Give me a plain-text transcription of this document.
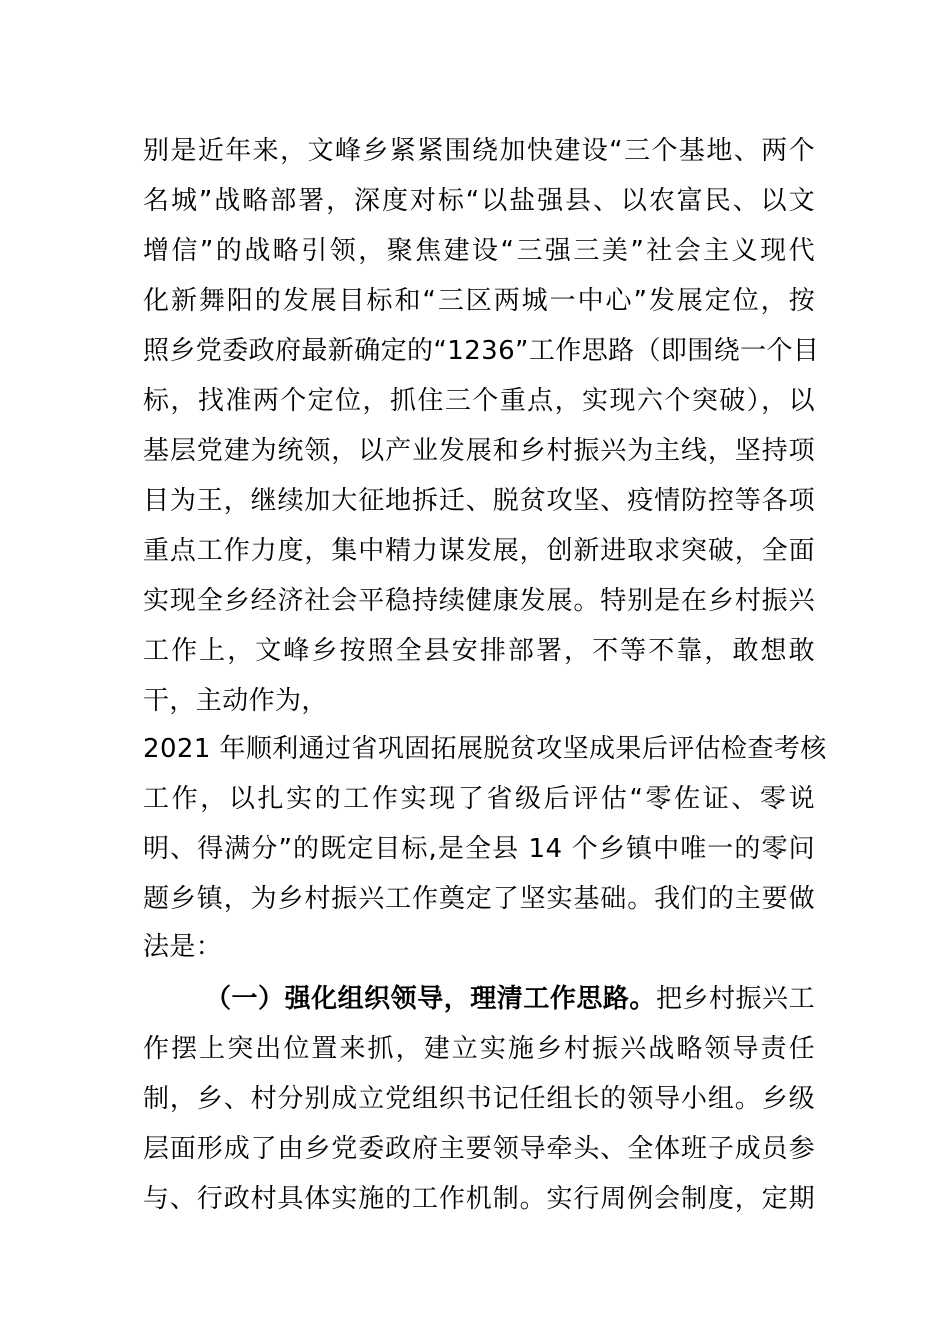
别是近年来，文峰乡紧紧围绕加快建设“三个基地、两个
名城”战略部署，深度对标“以盐强县、以农富民、以文
增信”的战略引领，聚焦建设“三强三美”社会主义现代
化新舞阳的发展目标和“三区两城一中心”发展定位，按
照乡党委政府最新确定的“1236”工作思路（即围绕一个目
标，找准两个定位，抓住三个重点，实现六个突破），以
基层党建为统领，以产业发展和乡村振兴为主线，坚持项
目为王，继续加大征地拆迁、脱贫攻坚、疫情防控等各项
重点工作力度，集中精力谋发展，创新进取求突破，全面
实现全乡经济社会平稳持续健康发展。特别是在乡村振兴
工作上，文峰乡按照全县安排部署，不等不靠，敢想敢
干，主动作为，
2021 年顺利通过省巩固拓展脱贫攻坚成果后评估检查考核
工作，以扎实的工作实现了省级后评估“零佐证、零说
明、得满分”的既定目标,是全县 14 个乡镇中唯一的零问
题乡镇，为乡村振兴工作奠定了坚实基础。我们的主要做
法是：
（一）强化组织领导，理清工作思路。把乡村振兴工
作摆上突出位置来抓，建立实施乡村振兴战略领导责任
制，乡、村分别成立党组织书记任组长的领导小组。乡级
层面形成了由乡党委政府主要领导牵头、全体班子成员参
与、行政村具体实施的工作机制。实行周例会制度，定期
